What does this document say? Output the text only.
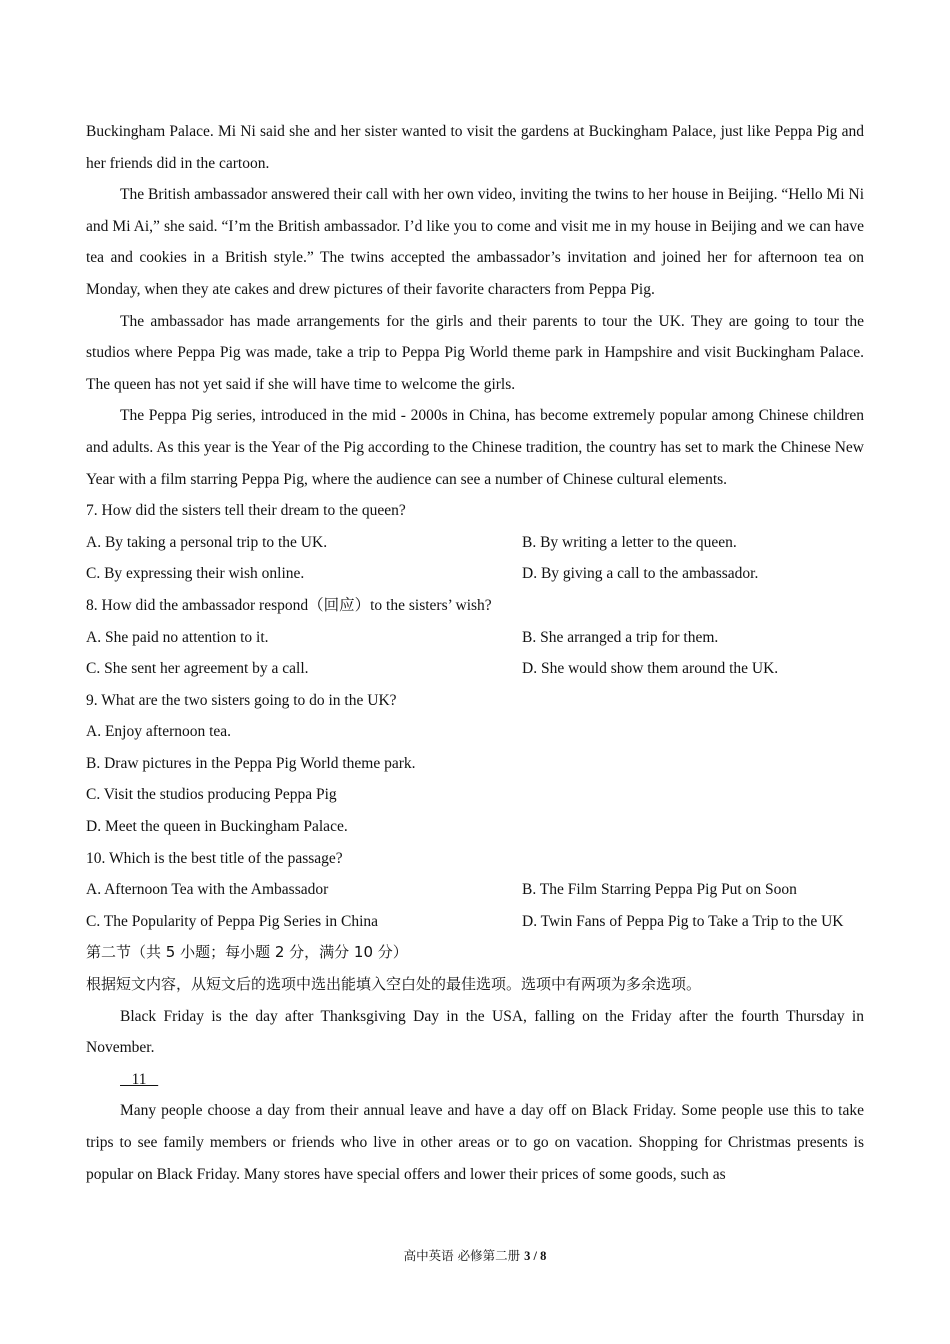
Buckingham Palace. Mi Ni said she and her sister wanted to visit the gardens at Buckingham Palace, just like Peppa Pig and her friends did in the cartoon.

The British ambassador answered their call with her own video, inviting the twins to her house in Beijing. “Hello Mi Ni and Mi Ai,” she said. “I’m the British ambassador. I’d like you to come and visit me in my house in Beijing and we can have tea and cookies in a British style.” The twins accepted the ambassador’s invitation and joined her for afternoon tea on Monday, when they ate cakes and drew pictures of their favorite characters from Peppa Pig.

The ambassador has made arrangements for the girls and their parents to tour the UK. They are going to tour the studios where Peppa Pig was made, take a trip to Peppa Pig World theme park in Hampshire and visit Buckingham Palace. The queen has not yet said if she will have time to welcome the girls.

The Peppa Pig series, introduced in the mid - 2000s in China, has become extremely popular among Chinese children and adults. As this year is the Year of the Pig according to the Chinese tradition, the country has set to mark the Chinese New Year with a film starring Peppa Pig, where the audience can see a number of Chinese cultural elements.

7. How did the sisters tell their dream to the queen?

A. By taking a personal trip to the UK.	B. By writing a letter to the queen.
C. By expressing their wish online.	D. By giving a call to the ambassador.

8. How did the ambassador respond（回应）to the sisters’ wish?

A. She paid no attention to it.	B. She arranged a trip for them.
C. She sent her agreement by a call.	D. She would show them around the UK.

9. What are the two sisters going to do in the UK?

A. Enjoy afternoon tea.

B. Draw pictures in the Peppa Pig World theme park.

C. Visit the studios producing Peppa Pig

D. Meet the queen in Buckingham Palace.

10. Which is the best title of the passage?

A. Afternoon Tea with the Ambassador	B. The Film Starring Peppa Pig Put on Soon
C. The Popularity of Peppa Pig Series in China	D. Twin Fans of Peppa Pig to Take a Trip to the UK

第二节（共 5 小题；每小题 2 分，满分 10 分）

根据短文内容，从短文后的选项中选出能填入空白处的最佳选项。选项中有两项为多余选项。

Black Friday is the day after Thanksgiving Day in the USA, falling on the Friday after the fourth Thursday in November.

11

Many people choose a day from their annual leave and have a day off on Black Friday. Some people use this to take trips to see family members or friends who live in other areas or to go on vacation. Shopping for Christmas presents is popular on Black Friday. Many stores have special offers and lower their prices of some goods, such as

高中英语 必修第二册 3 / 8
